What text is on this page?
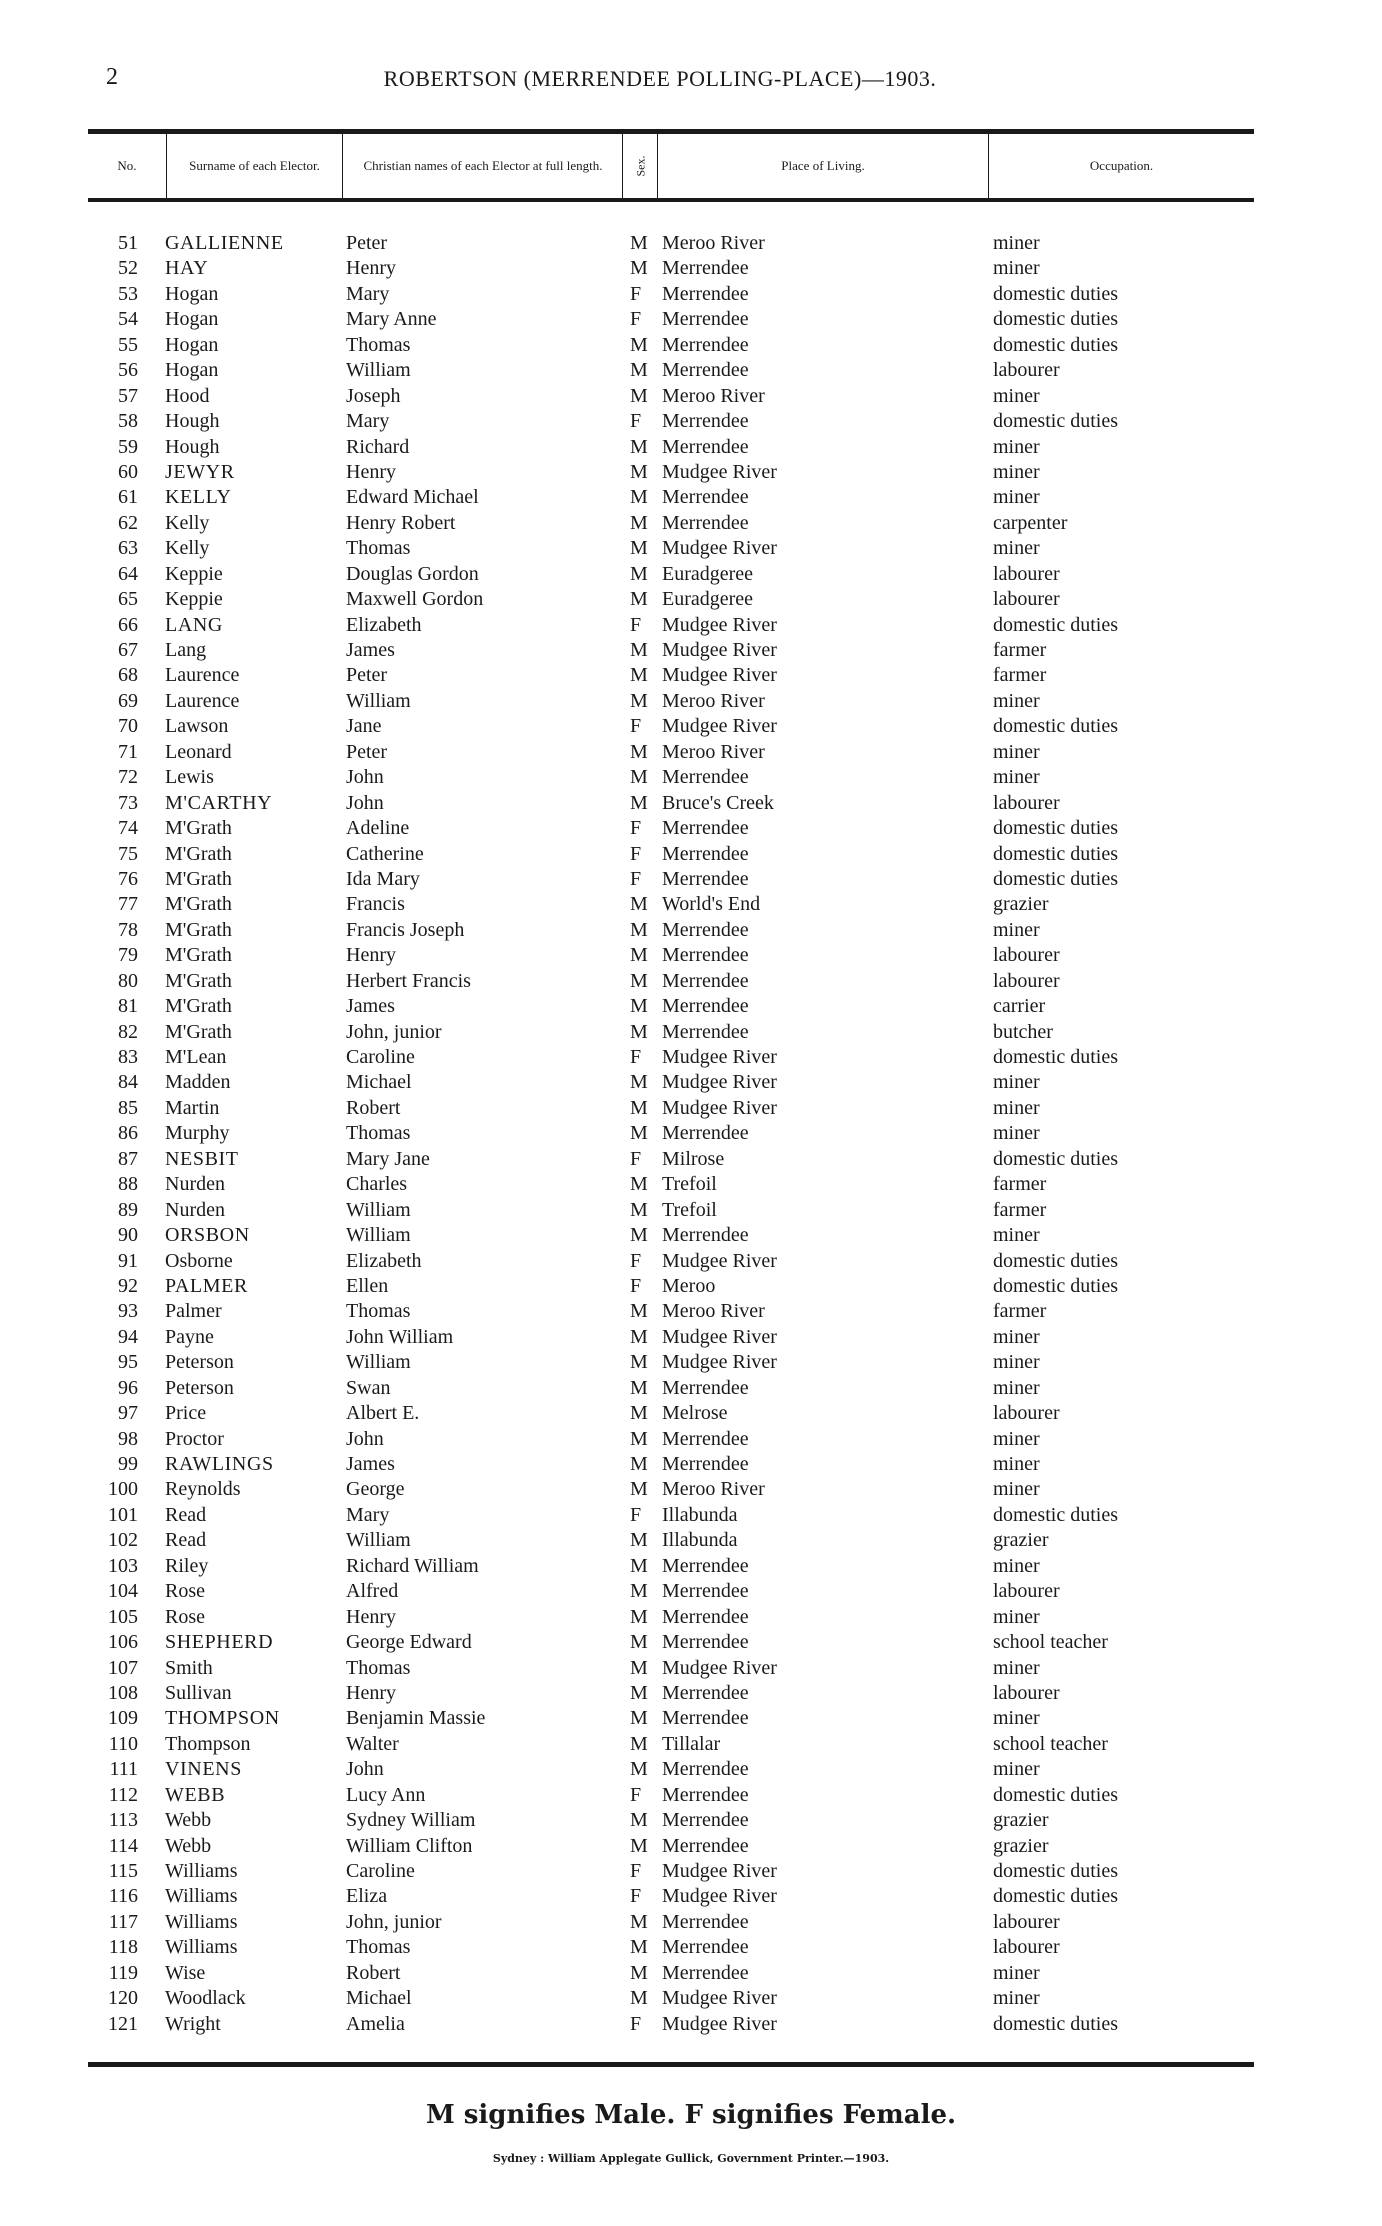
2	ROBERTSON (MERRENDEE POLLING-PLACE)—1903.
No.	Surname of each Elector.	Christian names of each Elector at full length.	Sex.	Place of Living.	Occupation.
51 GALLIENNE	Peter	M Meroo River	miner
52 HAY	Henry	M Merrendee	miner
53 Hogan	Mary	F Merrendee	domestic duties
54 Hogan	Mary Anne	F Merrendee	domestic duties
55 Hogan	Thomas	M Merrendee	domestic duties
56 Hogan	William	M Merrendee	labourer
57 Hood	Joseph	M Meroo River	miner
58 Hough	Mary	F Merrendee	domestic duties
59 Hough	Richard	M Merrendee	miner
60 JEWYR	Henry	M Mudgee River	miner
61 KELLY	Edward Michael	M Merrendee	miner
62 Kelly	Henry Robert	M Merrendee	carpenter
63 Kelly	Thomas	M Mudgee River	miner
64 Keppie	Douglas Gordon	M Euradgeree	labourer
65 Keppie	Maxwell Gordon	M Euradgeree	labourer
66 LANG	Elizabeth	F Mudgee River	domestic duties
67 Lang	James	M Mudgee River	farmer
68 Laurence	Peter	M Mudgee River	farmer
69 Laurence	William	M Meroo River	miner
70 Lawson	Jane	F Mudgee River	domestic duties
71 Leonard	Peter	M Meroo River	miner
72 Lewis	John	M Merrendee	miner
73 M'CARTHY	John	M Bruce's Creek	labourer
74 M'Grath	Adeline	F Merrendee	domestic duties
75 M'Grath	Catherine	F Merrendee	domestic duties
76 M'Grath	Ida Mary	F Merrendee	domestic duties
77 M'Grath	Francis	M World's End	grazier
78 M'Grath	Francis Joseph	M Merrendee	miner
79 M'Grath	Henry	M Merrendee	labourer
80 M'Grath	Herbert Francis	M Merrendee	labourer
81 M'Grath	James	M Merrendee	carrier
82 M'Grath	John, junior	M Merrendee	butcher
83 M'Lean	Caroline	F Mudgee River	domestic duties
84 Madden	Michael	M Mudgee River	miner
85 Martin	Robert	M Mudgee River	miner
86 Murphy	Thomas	M Merrendee	miner
87 NESBIT	Mary Jane	F Milrose	domestic duties
88 Nurden	Charles	M Trefoil	farmer
89 Nurden	William	M Trefoil	farmer
90 ORSBON	William	M Merrendee	miner
91 Osborne	Elizabeth	F Mudgee River	domestic duties
92 PALMER	Ellen	F Meroo	domestic duties
93 Palmer	Thomas	M Meroo River	farmer
94 Payne	John William	M Mudgee River	miner
95 Peterson	William	M Mudgee River	miner
96 Peterson	Swan	M Merrendee	miner
97 Price	Albert E.	M Melrose	labourer
98 Proctor	John	M Merrendee	miner
99 RAWLINGS	James	M Merrendee	miner
100 Reynolds	George	M Meroo River	miner
101 Read	Mary	F Illabunda	domestic duties
102 Read	William	M Illabunda	grazier
103 Riley	Richard William	M Merrendee	miner
104 Rose	Alfred	M Merrendee	labourer
105 Rose	Henry	M Merrendee	miner
106 SHEPHERD	George Edward	M Merrendee	school teacher
107 Smith	Thomas	M Mudgee River	miner
108 Sullivan	Henry	M Merrendee	labourer
109 THOMPSON	Benjamin Massie	M Merrendee	miner
110 Thompson	Walter	M Tillalar	school teacher
111 VINENS	John	M Merrendee	miner
112 WEBB	Lucy Ann	F Merrendee	domestic duties
113 Webb	Sydney William	M Merrendee	grazier
114 Webb	William Clifton	M Merrendee	grazier
115 Williams	Caroline	F Mudgee River	domestic duties
116 Williams	Eliza	F Mudgee River	domestic duties
117 Williams	John, junior	M Merrendee	labourer
118 Williams	Thomas	M Merrendee	labourer
119 Wise	Robert	M Merrendee	miner
120 Woodlack	Michael	M Mudgee River	miner
121 Wright	Amelia	F Mudgee River	domestic duties
M signifies Male. F signifies Female.
Sydney : William Applegate Gullick, Government Printer.—1903.
